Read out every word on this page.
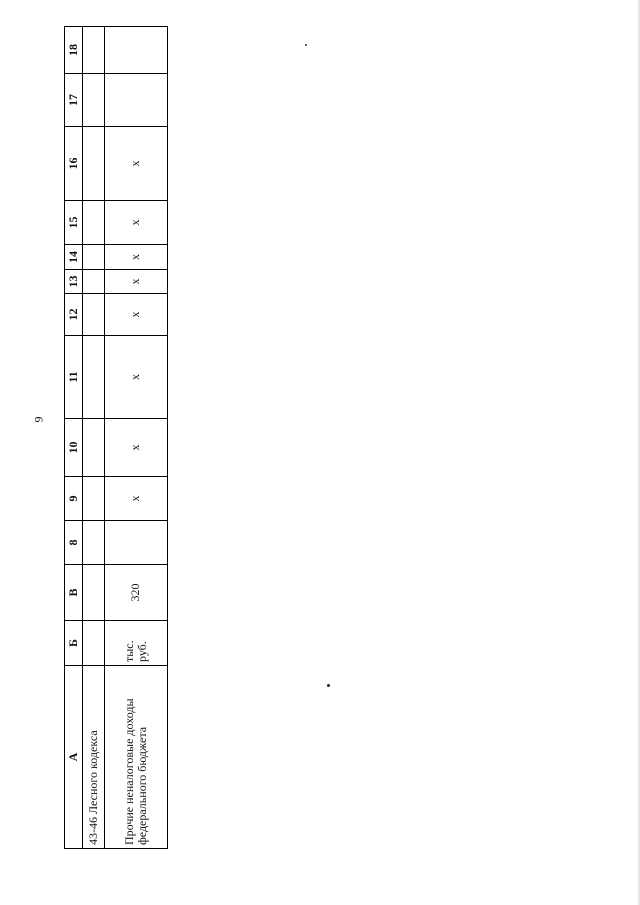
9
А	Б	В	8	9	10	11	12	13	14	15	16	17	18
43-46 Лесного кодекса													
Прочие неналоговые доходы федерального бюджета	тыс. руб.	320		x	x	x	x	x	x	x	x		
